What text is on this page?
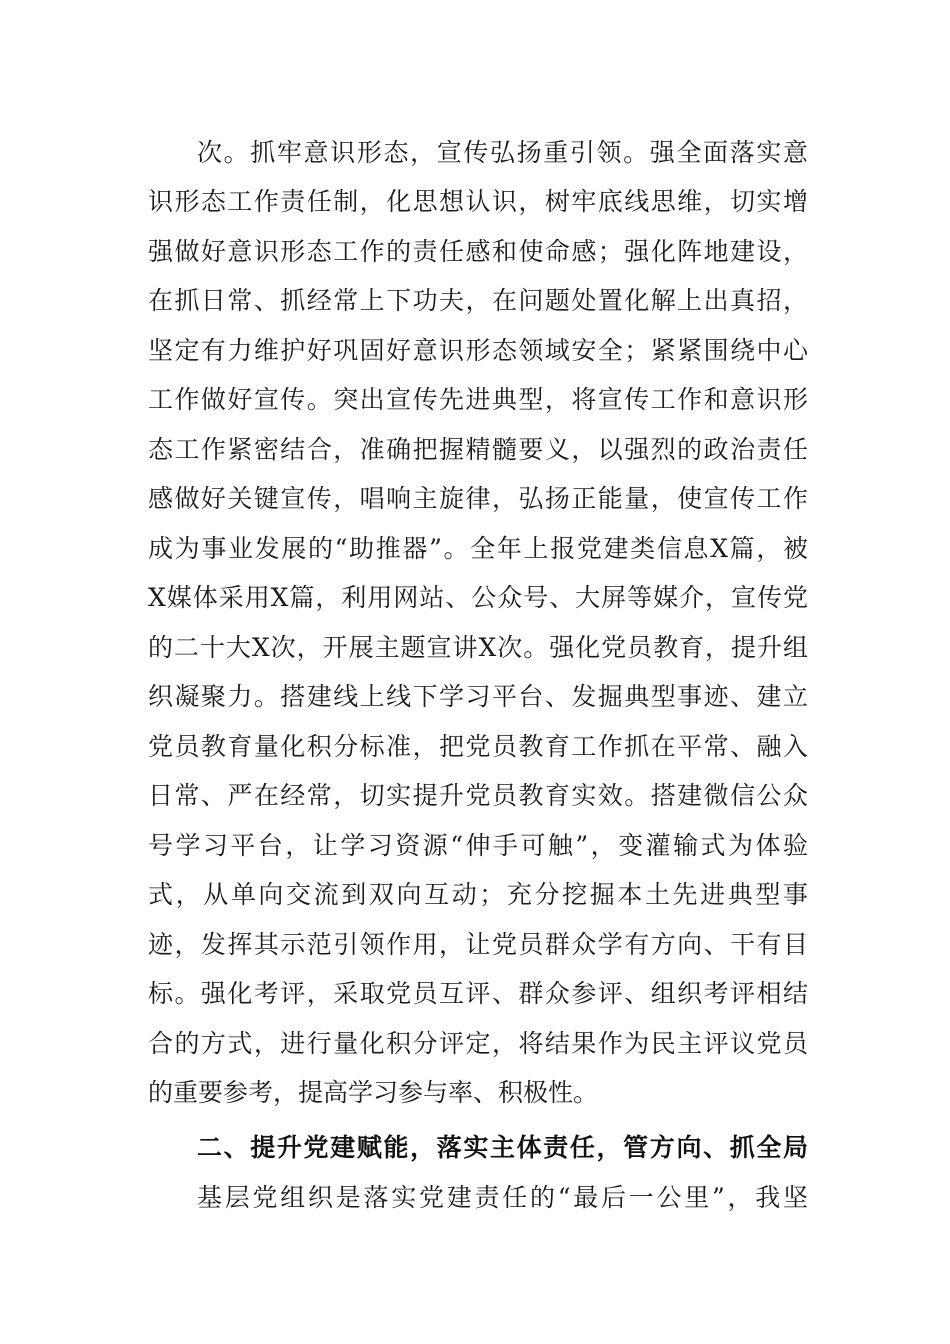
次。抓牢意识形态，宣传弘扬重引领。强全面落实意
识形态工作责任制，化思想认识，树牢底线思维，切实增
强做好意识形态工作的责任感和使命感；强化阵地建设，
在抓日常、抓经常上下功夫，在问题处置化解上出真招，
坚定有力维护好巩固好意识形态领域安全；紧紧围绕中心
工作做好宣传。突出宣传先进典型，将宣传工作和意识形
态工作紧密结合，准确把握精髓要义，以强烈的政治责任
感做好关键宣传，唱响主旋律，弘扬正能量，使宣传工作
成为事业发展的“助推器”。全年上报党建类信息X篇，被
X媒体采用X篇，利用网站、公众号、大屏等媒介，宣传党
的二十大X次，开展主题宣讲X次。强化党员教育，提升组
织凝聚力。搭建线上线下学习平台、发掘典型事迹、建立
党员教育量化积分标准，把党员教育工作抓在平常、融入
日常、严在经常，切实提升党员教育实效。搭建微信公众
号学习平台，让学习资源“伸手可触”，变灌输式为体验
式，从单向交流到双向互动；充分挖掘本土先进典型事
迹，发挥其示范引领作用，让党员群众学有方向、干有目
标。强化考评，采取党员互评、群众参评、组织考评相结
合的方式，进行量化积分评定，将结果作为民主评议党员
的重要参考，提高学习参与率、积极性。
二、提升党建赋能，落实主体责任，管方向、抓全局
基层党组织是落实党建责任的“最后一公里”，我坚
